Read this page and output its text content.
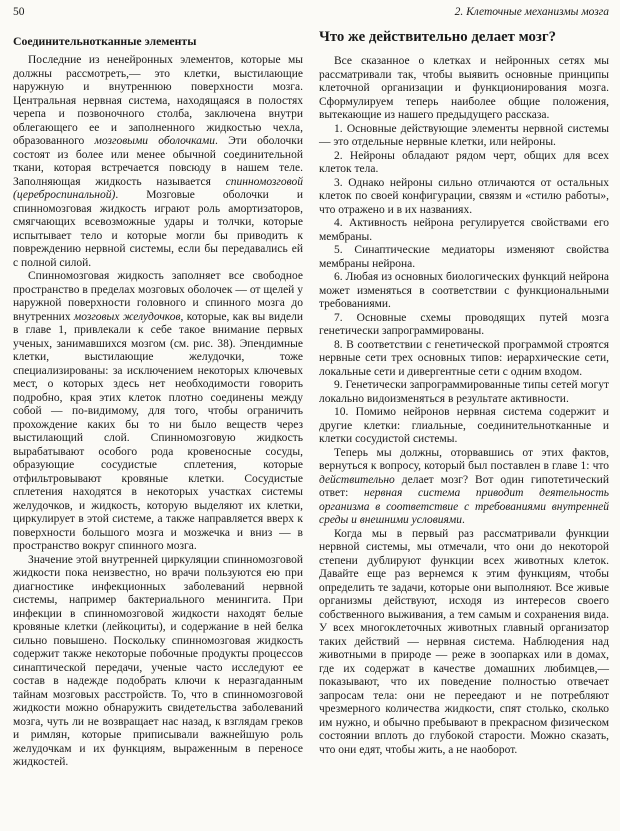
50	2. Клеточные механизмы мозга
Соединительнотканные элементы

Последние из ненейронных элементов, которые мы должны рассмотреть,— это клетки, выстилающие наружную и внутреннюю поверхности мозга. Центральная нервная система, находящаяся в полостях черепа и позвоночного столба, заключена внутри облегающего ее и заполненного жидкостью чехла, образованного мозговыми оболочками. Эти оболочки состоят из более или менее обычной соединительной ткани, которая встречается повсюду в нашем теле. Заполняющая жидкость называется спинномозговой (цереброспинальной). Мозговые оболочки и спинномозговая жидкость играют роль амортизаторов, смягчающих всевозможные удары и толчки, которые испытывает тело и которые могли бы приводить к повреждению нервной системы, если бы передавались ей с полной силой.

Спинномозговая жидкость заполняет все свободное пространство в пределах мозговых оболочек — от щелей у наружной поверхности головного и спинного мозга до внутренних мозговых желудочков, которые, как вы видели в главе 1, привлекали к себе такое внимание первых ученых, занимавшихся мозгом (см. рис. 38). Эпендимные клетки, выстилающие желудочки, тоже специализированы: за исключением некоторых ключевых мест, о которых здесь нет необходимости говорить подробно, края этих клеток плотно соединены между собой — по-видимому, для того, чтобы ограничить прохождение каких бы то ни было веществ через выстилающий слой. Спинномозговую жидкость вырабатывают особого рода кровеносные сосуды, образующие сосудистые сплетения, которые отфильтровывают кровяные клетки. Сосудистые сплетения находятся в некоторых участках системы желудочков, и жидкость, которую выделяют их клетки, циркулирует в этой системе, а также направляется вверх к поверхности большого мозга и мозжечка и вниз — в пространство вокруг спинного мозга.

Значение этой внутренней циркуляции спинномозговой жидкости пока неизвестно, но врачи пользуются ею при диагностике инфекционных заболеваний нервной системы, например бактериального менингита. При инфекции в спинномозговой жидкости находят белые кровяные клетки (лейкоциты), и содержание в ней белка сильно повышено. Поскольку спинномозговая жидкость содержит также некоторые побочные продукты процессов синаптической передачи, ученые часто исследуют ее состав в надежде подобрать ключи к неразгаданным тайнам мозговых расстройств. То, что в спинномозговой жидкости можно обнаружить свидетельства заболеваний мозга, чуть ли не возвращает нас назад, к взглядам греков и римлян, которые приписывали важнейшую роль желудочкам и их функциям, выраженным в переносе жидкостей.

Что же действительно делает мозг?

Все сказанное о клетках и нейронных сетях мы рассматривали так, чтобы выявить основные принципы клеточной организации и функционирования мозга. Сформулируем теперь наиболее общие положения, вытекающие из нашего предыдущего рассказа.

1. Основные действующие элементы нервной системы — это отдельные нервные клетки, или нейроны.

2. Нейроны обладают рядом черт, общих для всех клеток тела.

3. Однако нейроны сильно отличаются от остальных клеток по своей конфигурации, связям и «стилю работы», что отражено и в их названиях.

4. Активность нейрона регулируется свойствами его мембраны.

5. Синаптические медиаторы изменяют свойства мембраны нейрона.

6. Любая из основных биологических функций нейрона может изменяться в соответствии с функциональными требованиями.

7. Основные схемы проводящих путей мозга генетически запрограммированы.

8. В соответствии с генетической программой строятся нервные сети трех основных типов: иерархические сети, локальные сети и дивергентные сети с одним входом.

9. Генетически запрограммированные типы сетей могут локально видоизменяться в результате активности.

10. Помимо нейронов нервная система содержит и другие клетки: глиальные, соединительнотканные и клетки сосудистой системы.

Теперь мы должны, оторвавшись от этих фактов, вернуться к вопросу, который был поставлен в главе 1: что действительно делает мозг? Вот один гипотетический ответ: нервная система приводит деятельность организма в соответствие с требованиями внутренней среды и внешними условиями.

Когда мы в первый раз рассматривали функции нервной системы, мы отмечали, что они до некоторой степени дублируют функции всех животных клеток. Давайте еще раз вернемся к этим функциям, чтобы определить те задачи, которые они выполняют. Все живые организмы действуют, исходя из интересов своего собственного выживания, а тем самым и сохранения вида. У всех многоклеточных животных главный организатор таких действий — нервная система. Наблюдения над животными в природе — реже в зоопарках или в домах, где их содержат в качестве домашних любимцев,— показывают, что их поведение полностью отвечает запросам тела: они не переедают и не потребляют чрезмерного количества жидкости, спят столько, сколько им нужно, и обычно пребывают в прекрасном физическом состоянии вплоть до глубокой старости. Можно сказать, что они едят, чтобы жить, а не наоборот.
